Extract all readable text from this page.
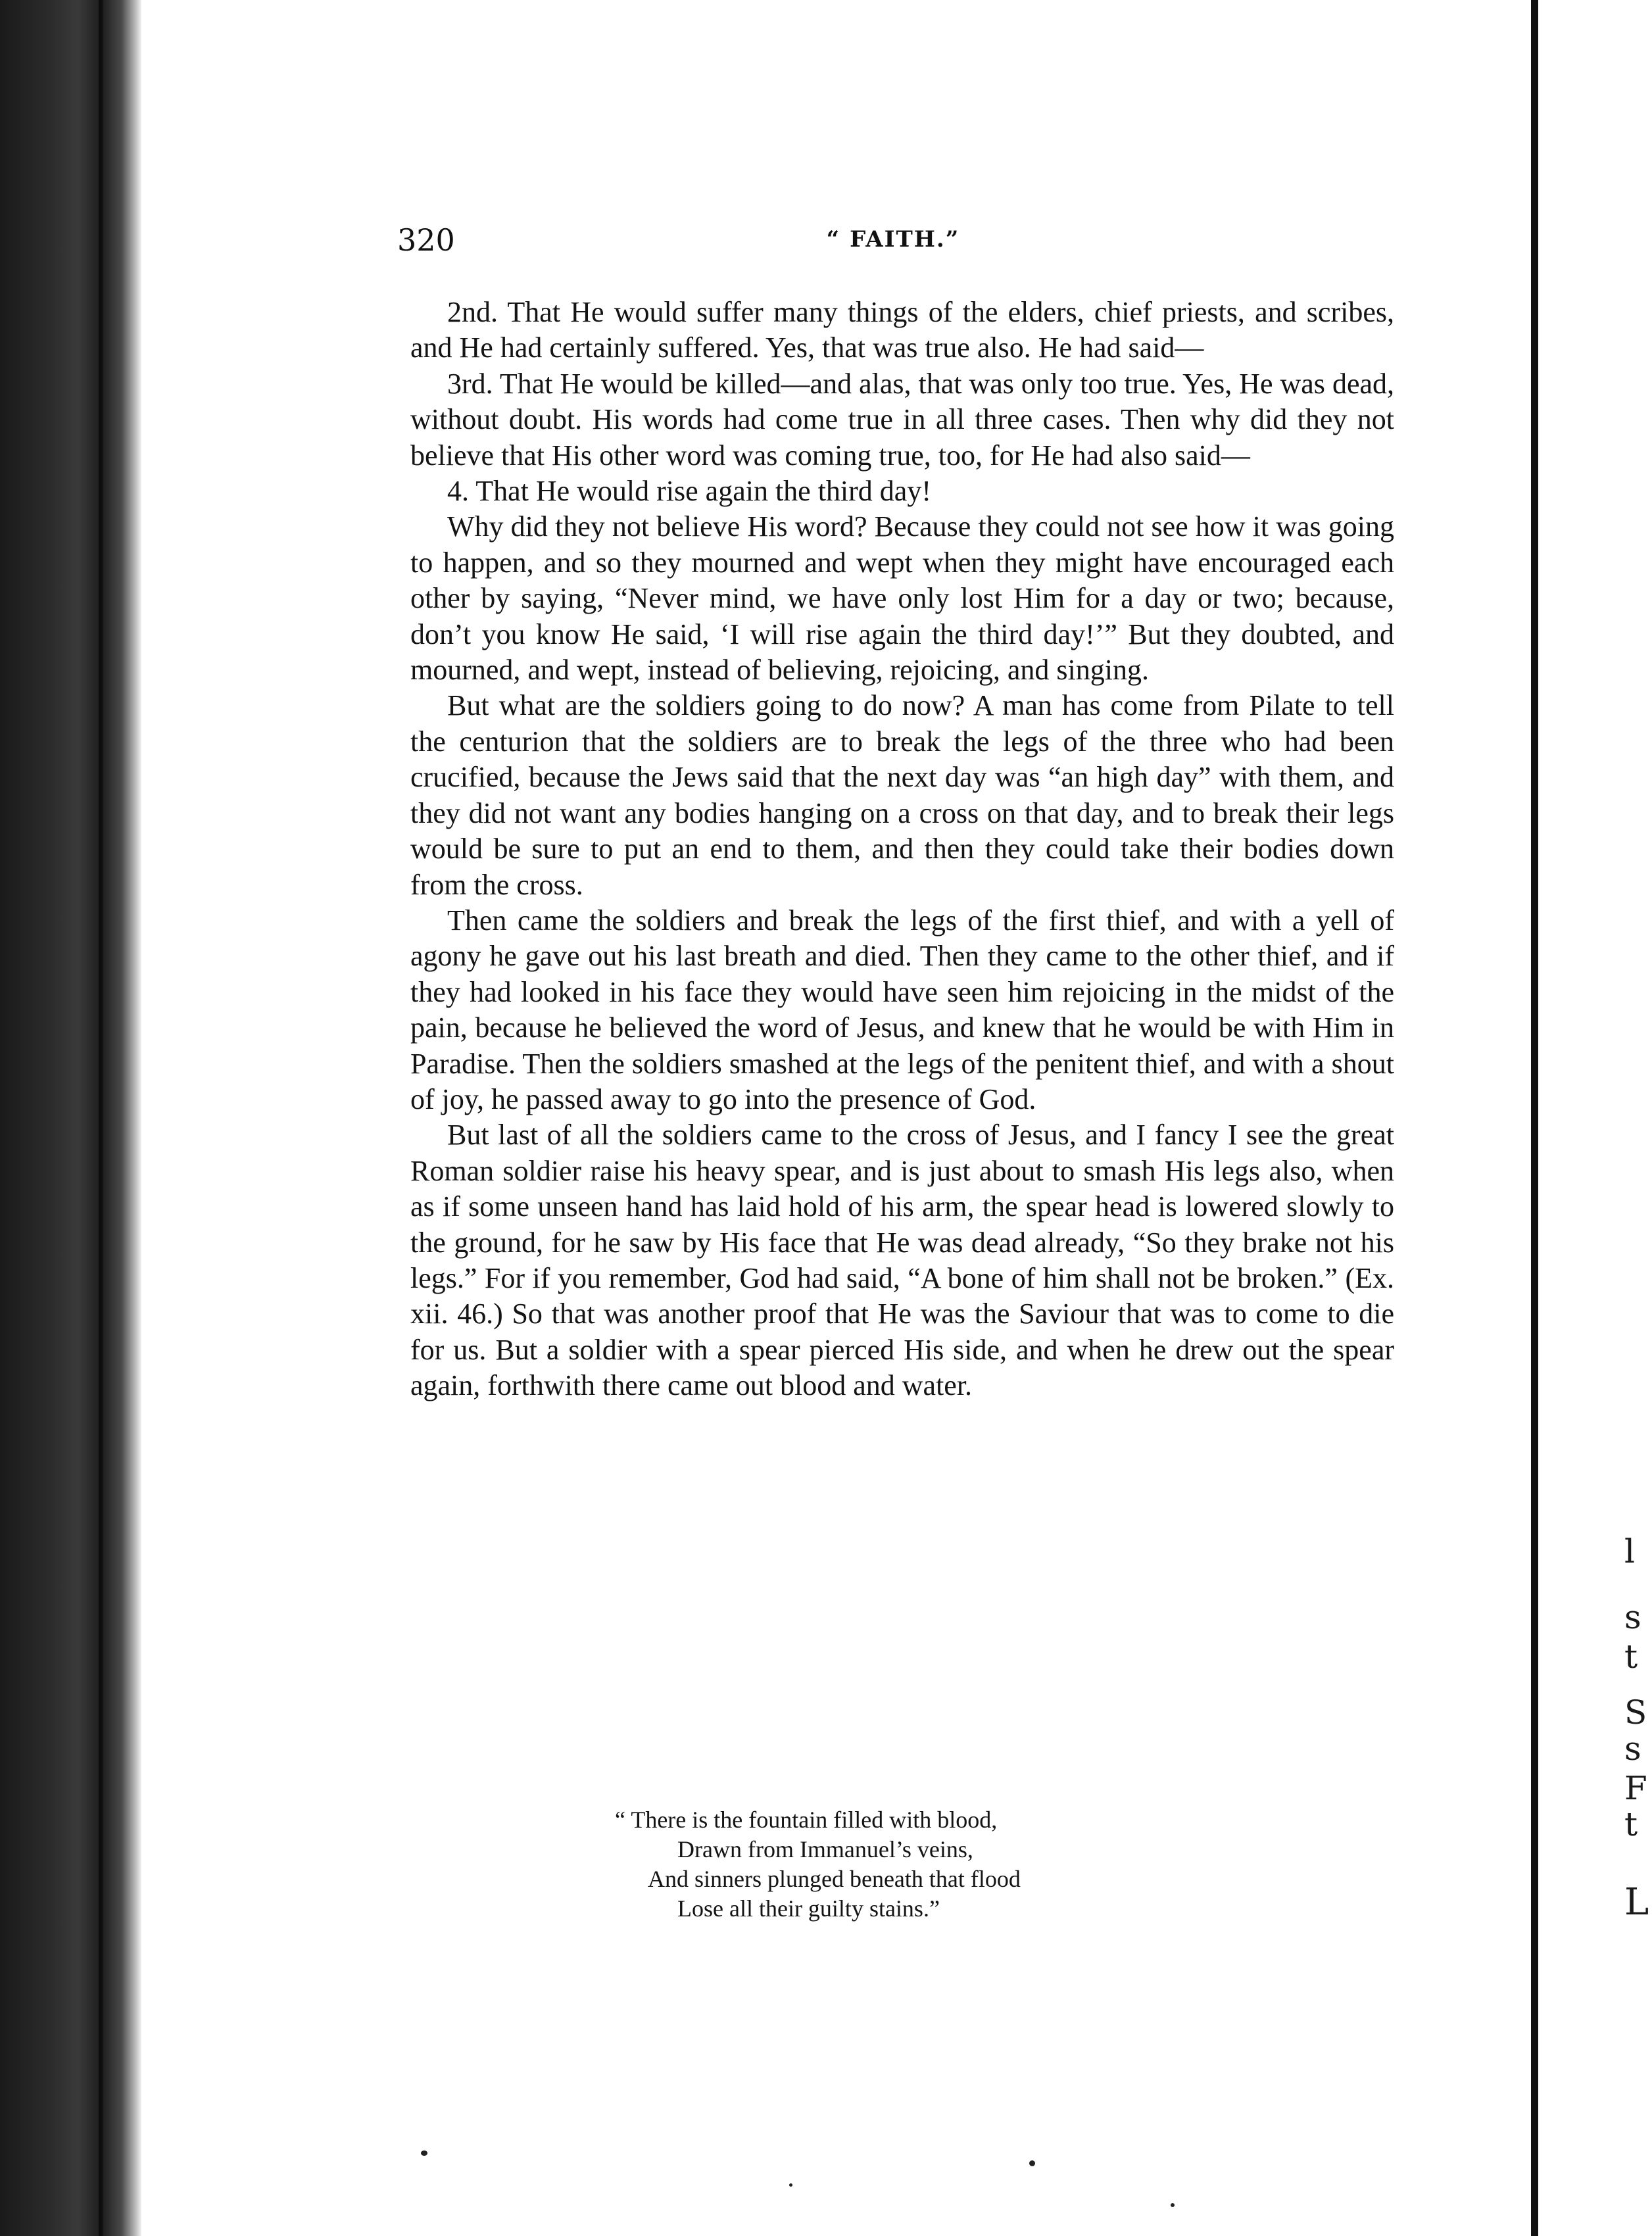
320	“ FAITH.”

2nd. That He would suffer many things of the elders, chief priests, and scribes, and He had certainly suffered. Yes, that was true also. He had said—

3rd. That He would be killed—and alas, that was only too true. Yes, He was dead, without doubt. His words had come true in all three cases. Then why did they not believe that His other word was coming true, too, for He had also said—

4. That He would rise again the third day!

Why did they not believe His word? Because they could not see how it was going to happen, and so they mourned and wept when they might have encouraged each other by saying, “Never mind, we have only lost Him for a day or two; because, don’t you know He said, ‘I will rise again the third day!’” But they doubted, and mourned, and wept, instead of believing, rejoicing, and singing.

But what are the soldiers going to do now? A man has come from Pilate to tell the centurion that the soldiers are to break the legs of the three who had been crucified, because the Jews said that the next day was “an high day” with them, and they did not want any bodies hanging on a cross on that day, and to break their legs would be sure to put an end to them, and then they could take their bodies down from the cross.

Then came the soldiers and break the legs of the first thief, and with a yell of agony he gave out his last breath and died. Then they came to the other thief, and if they had looked in his face they would have seen him rejoicing in the midst of the pain, because he believed the word of Jesus, and knew that he would be with Him in Paradise. Then the soldiers smashed at the legs of the penitent thief, and with a shout of joy, he passed away to go into the presence of God.

But last of all the soldiers came to the cross of Jesus, and I fancy I see the great Roman soldier raise his heavy spear, and is just about to smash His legs also, when as if some unseen hand has laid hold of his arm, the spear head is lowered slowly to the ground, for he saw by His face that He was dead already, “So they brake not his legs.” For if you remember, God had said, “A bone of him shall not be broken.” (Ex. xii. 46.) So that was another proof that He was the Saviour that was to come to die for us. But a soldier with a spear pierced His side, and when he drew out the spear again, forthwith there came out blood and water.

“ There is the fountain filled with blood,
Drawn from Immanuel’s veins,
And sinners plunged beneath that flood
Lose all their guilty stains.”
l
s
t
S
s
F
t
L
